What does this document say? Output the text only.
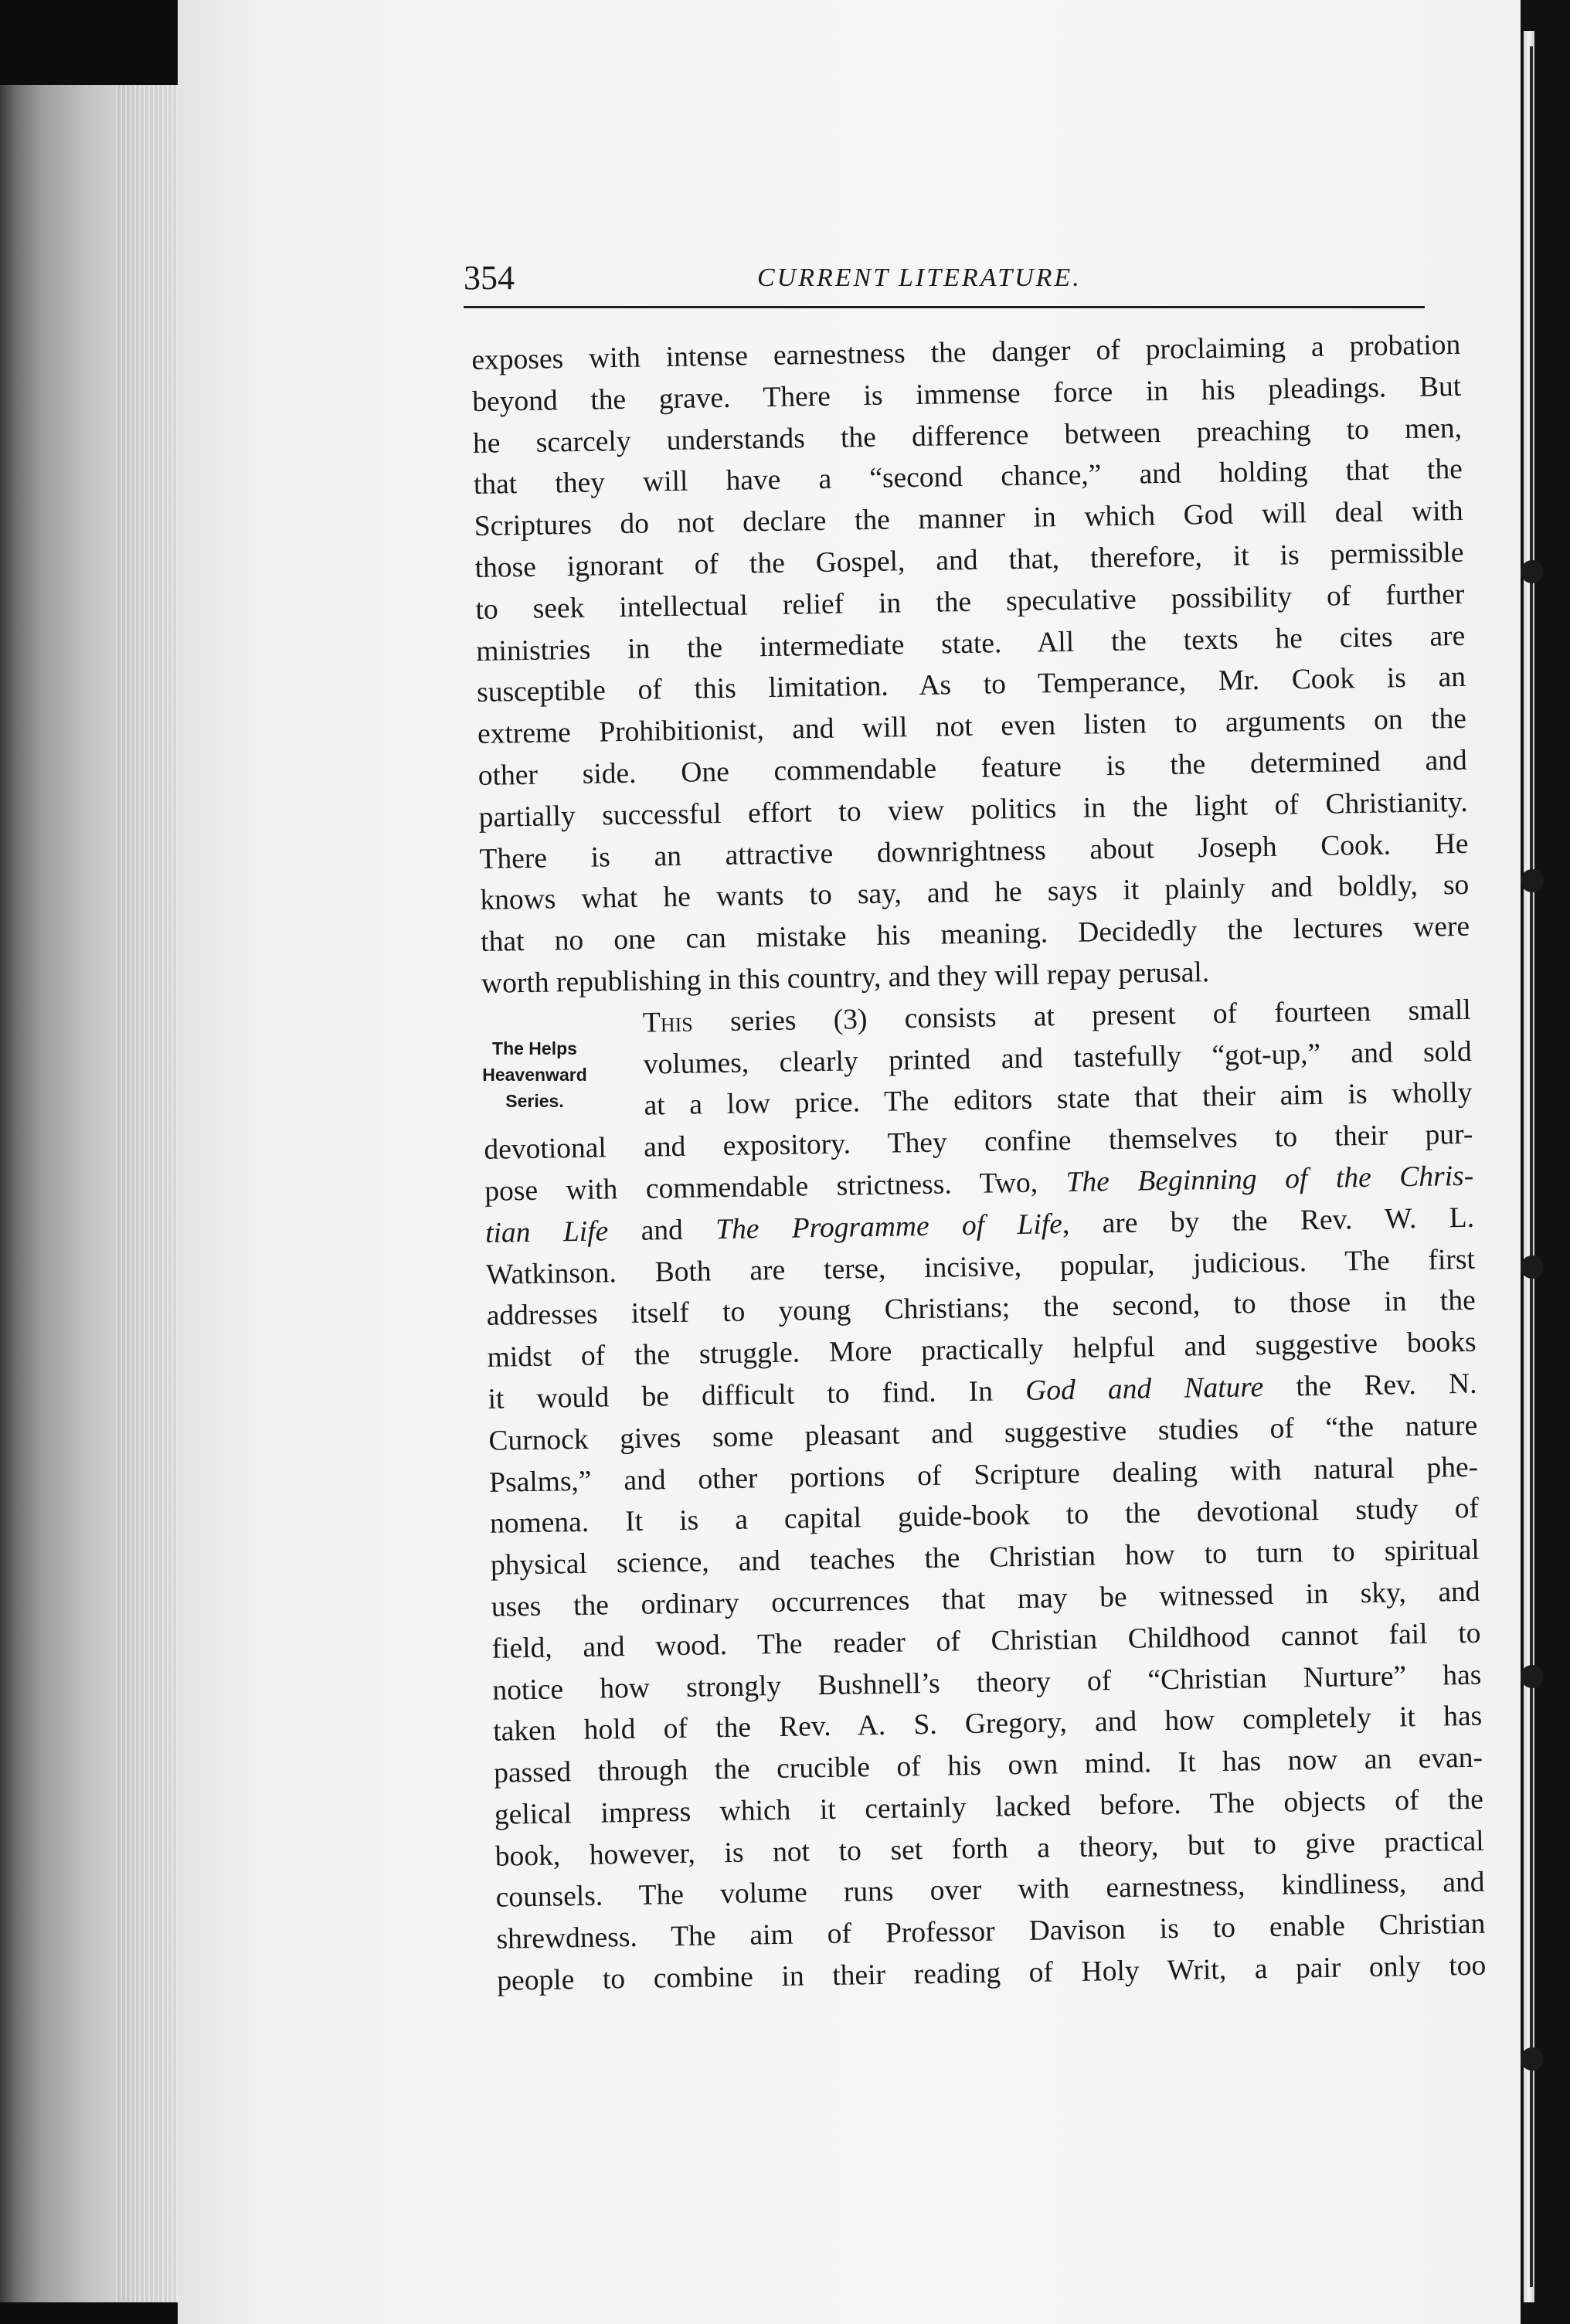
354	CURRENT LITERATURE.
exposes with intense earnestness the danger of proclaiming a probation
beyond the grave. There is immense force in his pleadings. But
he scarcely understands the difference between preaching to men,
that they will have a “second chance,” and holding that the
Scriptures do not declare the manner in which God will deal with
those ignorant of the Gospel, and that, therefore, it is permissible
to seek intellectual relief in the speculative possibility of further
ministries in the intermediate state. All the texts he cites are
susceptible of this limitation. As to Temperance, Mr. Cook is an
extreme Prohibitionist, and will not even listen to arguments on the
other side. One commendable feature is the determined and
partially successful effort to view politics in the light of Christianity.
There is an attractive downrightness about Joseph Cook. He
knows what he wants to say, and he says it plainly and boldly, so
that no one can mistake his meaning. Decidedly the lectures were
worth republishing in this country, and they will repay perusal.
This series (3) consists at present of fourteen small
volumes, clearly printed and tastefully “got-up,” and sold
at a low price. The editors state that their aim is wholly
devotional and expository. They confine themselves to their pur-
pose with commendable strictness. Two, The Beginning of the Chris-
tian Life and The Programme of Life, are by the Rev. W. L.
Watkinson. Both are terse, incisive, popular, judicious. The first
addresses itself to young Christians; the second, to those in the
midst of the struggle. More practically helpful and suggestive books
it would be difficult to find. In God and Nature the Rev. N.
Curnock gives some pleasant and suggestive studies of “the nature
Psalms,” and other portions of Scripture dealing with natural phe-
nomena. It is a capital guide-book to the devotional study of
physical science, and teaches the Christian how to turn to spiritual
uses the ordinary occurrences that may be witnessed in sky, and
field, and wood. The reader of Christian Childhood cannot fail to
notice how strongly Bushnell’s theory of “Christian Nurture” has
taken hold of the Rev. A. S. Gregory, and how completely it has
passed through the crucible of his own mind. It has now an evan-
gelical impress which it certainly lacked before. The objects of the
book, however, is not to set forth a theory, but to give practical
counsels. The volume runs over with earnestness, kindliness, and
shrewdness. The aim of Professor Davison is to enable Christian
people to combine in their reading of Holy Writ, a pair only too
The Helps
Heavenward
Series.
